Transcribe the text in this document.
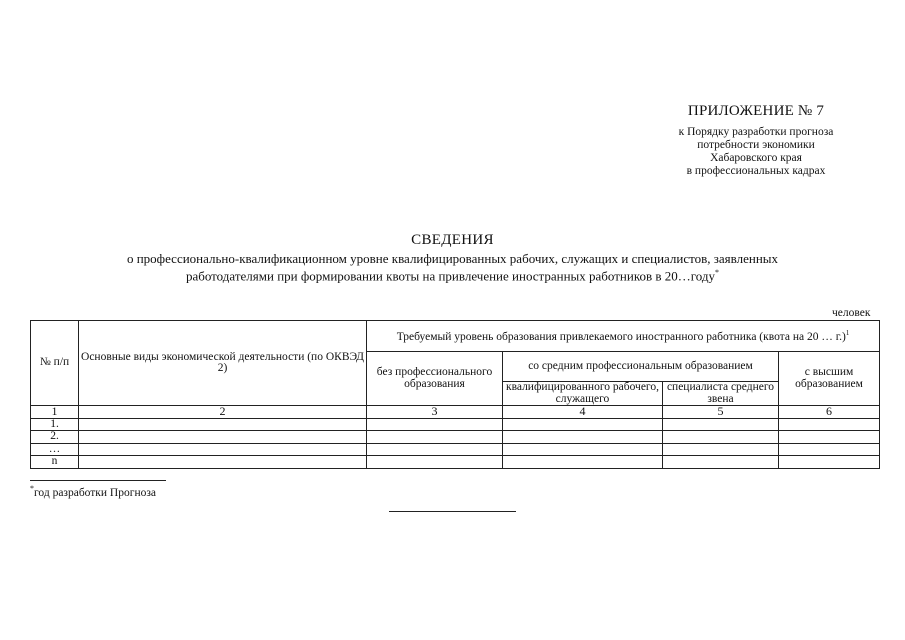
ПРИЛОЖЕНИЕ № 7
к Порядку разработки прогноза
потребности экономики
Хабаровского края
в профессиональных кадрах
СВЕДЕНИЯ
о профессионально-квалификационном уровне квалифицированных рабочих, служащих и специалистов, заявленных
работодателями при формировании квоты на привлечение иностранных работников в 20…году*
человек
№ п/п	Основные виды экономической деятельности (по ОКВЭД 2)	Требуемый уровень образования привлекаемого иностранного работника (квота на 20 … г.)$^1$
		без профессионального образования	со средним профессиональным образованием		с высшим образованием
			квалифицированного рабочего, служащего	специалиста среднего звена	
1	2	3	4	5	6
1.					
2.					
…					
n					
*год разработки Прогноза
